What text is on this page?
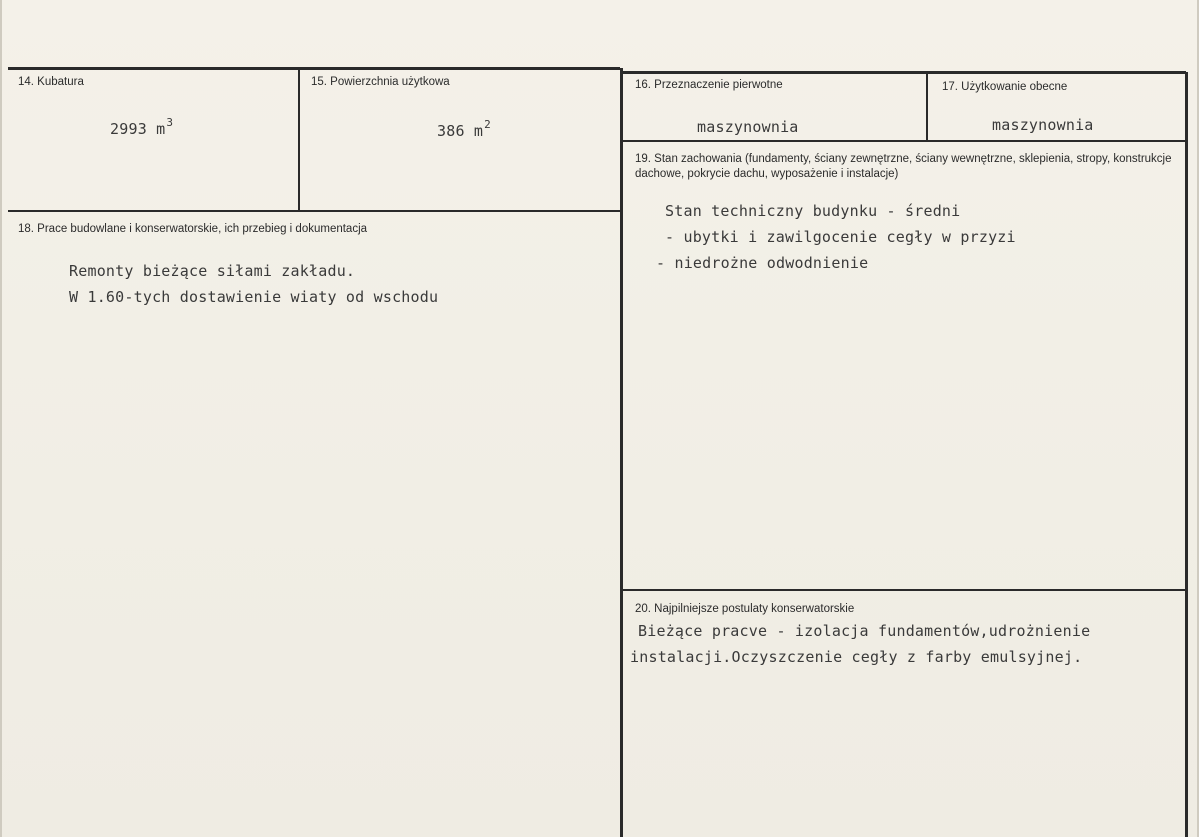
14. Kubatura
2993 $m^3$
15. Powierzchnia użytkowa
386 $m^2$
16. Przeznaczenie pierwotne
maszynownia
17. Użytkowanie obecne
maszynownia
18. Prace budowlane i konserwatorskie, ich przebieg i dokumentacja
Remonty bieżące siłami zakładu.
W 1.60-tych dostawienie wiaty od wschodu
19. Stan zachowania (fundamenty, ściany zewnętrzne, ściany wewnętrzne, sklepienia, stropy, konstrukcje dachowe, pokrycie dachu, wyposażenie i instalacje)
Stan techniczny budynku - średni
- ubytki i zawilgocenie cegły w przyzi
- niedrożne odwodnienie
20. Najpilniejsze postulaty konserwatorskie
Bieżące pracve - izolacja fundamentów,udrożnienie
instalacji.Oczyszczenie cegły z farby emulsyjnej.
